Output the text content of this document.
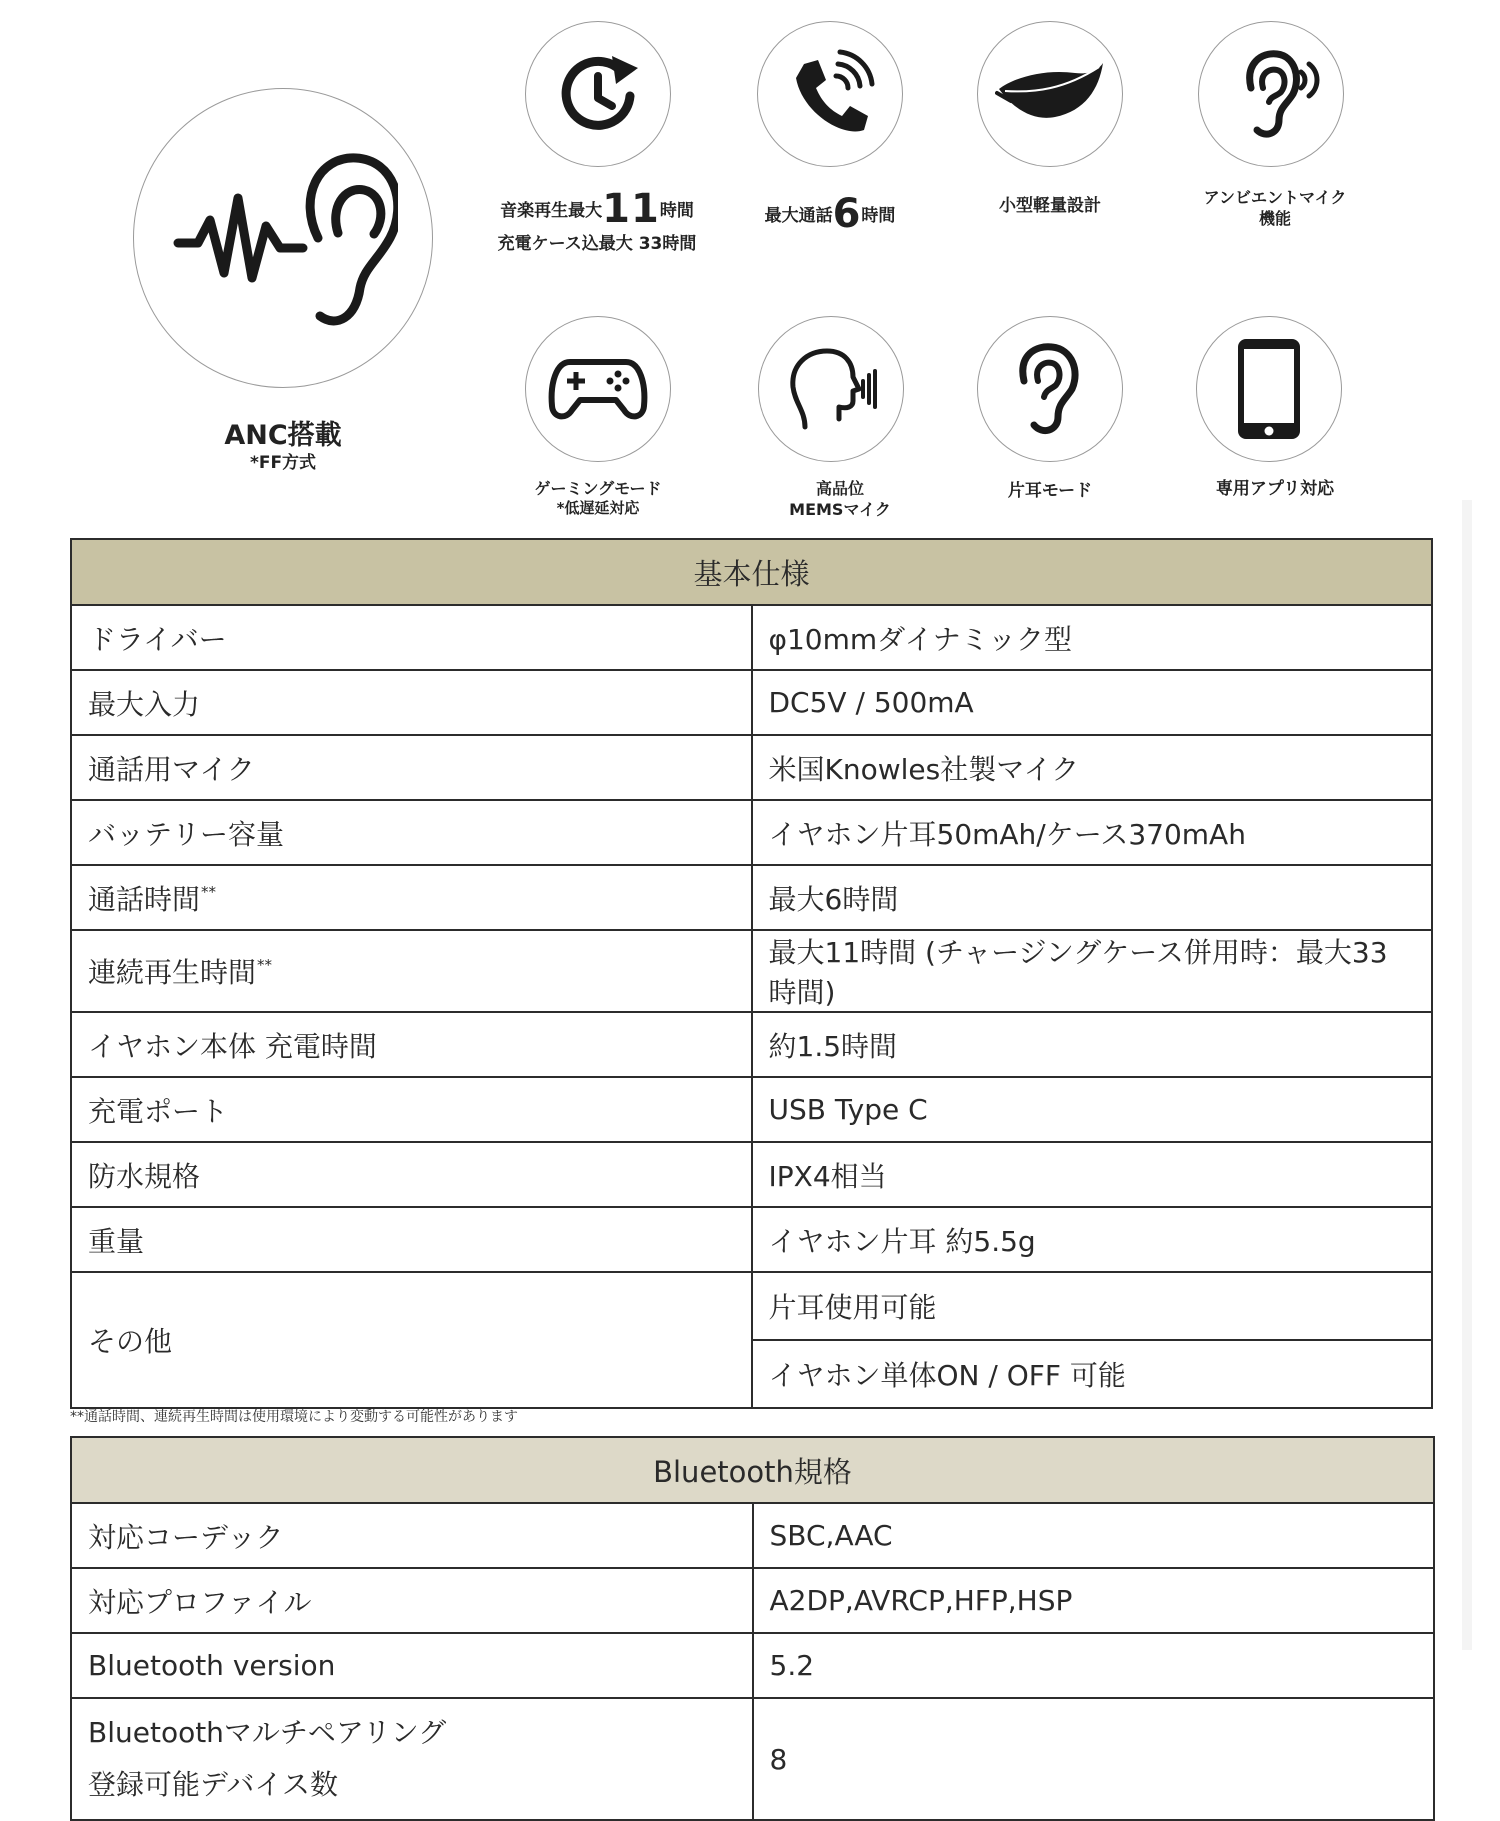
ANC搭載
*FF方式
音楽再生最大11時間
充電ケース込最大 33時間
最大通話6時間	小型軽量設計	アンビエントマイク
機能
ゲーミングモード
*低遅延対応
高品位
MEMSマイク
片耳モード	専用アプリ対応
基本仕様	
ドライバー	φ10mmダイナミック型
最大入力	DC5V / 500mA
通話用マイク	米国Knowles社製マイク
バッテリー容量	イヤホン片耳50mAh/ケース370mAh
通話時間**	最大6時間
連続再生時間**	最大11時間 (チャージングケース併用時：最大33時間)
イヤホン本体 充電時間	約1.5時間
充電ポート	USB Type C
防水規格	IPX4相当
重量	イヤホン片耳 約5.5g
その他	片耳使用可能
	イヤホン単体ON / OFF 可能
**通話時間、連続再生時間は使用環境により変動する可能性があります
Bluetooth規格	
対応コーデック	SBC,AAC
対応プロファイル	A2DP,AVRCP,HFP,HSP
Bluetooth version	5.2

Bluetoothマルチペアリング
登録可能デバイス数	8
